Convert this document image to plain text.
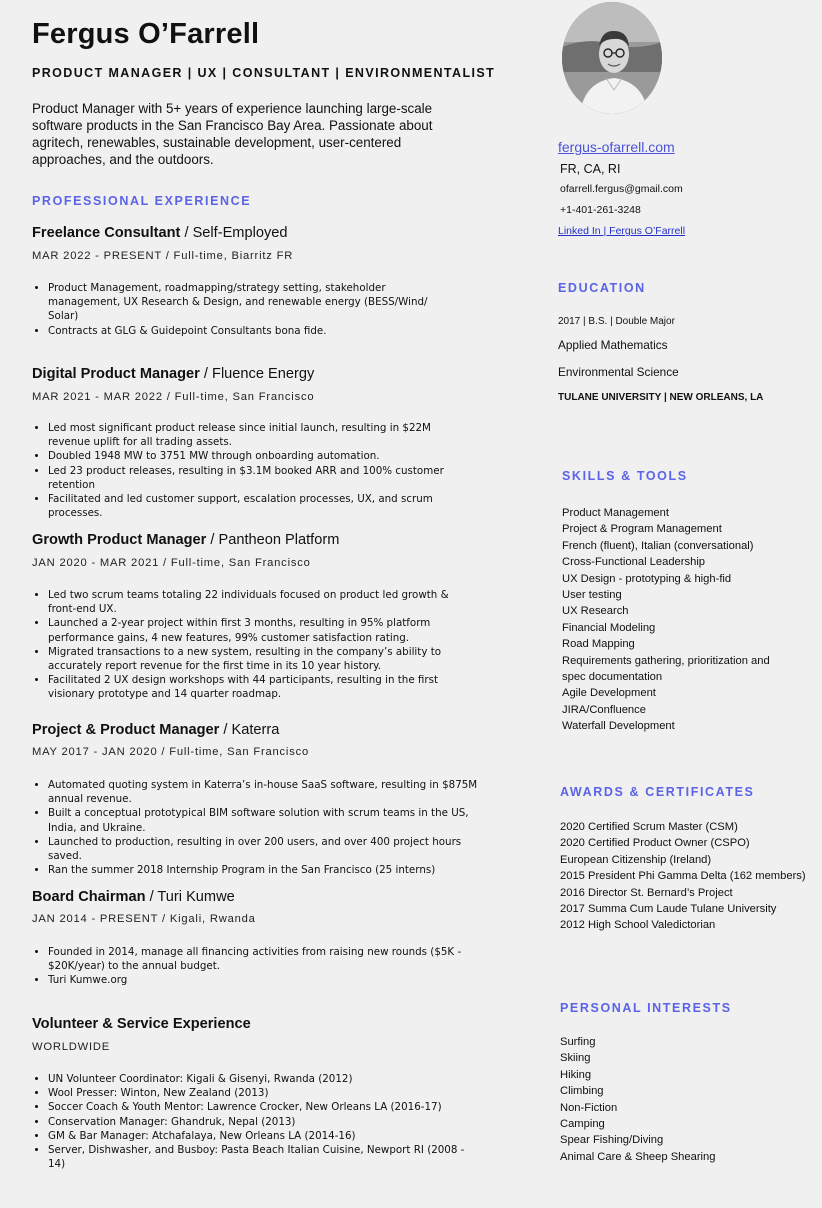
Fergus O’Farrell
PRODUCT MANAGER | UX | CONSULTANT | ENVIRONMENTALIST
Product Manager with 5+ years of experience launching large-scale software products in the San Francisco Bay Area. Passionate about agritech, renewables, sustainable development, user-centered approaches, and the outdoors.
PROFESSIONAL EXPERIENCE
Freelance Consultant / Self-Employed
MAR 2022 - PRESENT / Full-time, Biarritz FR
• Product Management, roadmapping/strategy setting, stakeholder management, UX Research & Design, and renewable energy (BESS/Wind/ Solar)
• Contracts at GLG & Guidepoint Consultants bona fide.
Digital Product Manager / Fluence Energy
MAR 2021 - MAR 2022 / Full-time, San Francisco
• Led most significant product release since initial launch, resulting in $22M revenue uplift for all trading assets.
• Doubled 1948 MW to 3751 MW through onboarding automation.
• Led 23 product releases, resulting in $3.1M booked ARR and 100% customer retention
• Facilitated and led customer support, escalation processes, UX, and scrum processes.
Growth Product Manager / Pantheon Platform
JAN 2020 - MAR 2021 / Full-time, San Francisco
• Led two scrum teams totaling 22 individuals focused on product led growth & front-end UX.
• Launched a 2-year project within first 3 months, resulting in 95% platform performance gains, 4 new features, 99% customer satisfaction rating.
• Migrated transactions to a new system, resulting in the company’s ability to accurately report revenue for the first time in its 10 year history.
• Facilitated 2 UX design workshops with 44 participants, resulting in the first visionary prototype and 14 quarter roadmap.
Project & Product Manager / Katerra
MAY 2017 - JAN 2020 / Full-time, San Francisco
• Automated quoting system in Katerra’s in-house SaaS software, resulting in $875M annual revenue.
• Built a conceptual prototypical BIM software solution with scrum teams in the US, India, and Ukraine.
• Launched to production, resulting in over 200 users, and over 400 project hours saved.
• Ran the summer 2018 Internship Program in the San Francisco (25 interns)
Board Chairman / Turi Kumwe
JAN 2014 - PRESENT / Kigali, Rwanda
• Founded in 2014, manage all financing activities from raising new rounds ($5K - $20K/year) to the annual budget.
• Turi Kumwe.org
Volunteer & Service Experience
WORLDWIDE
• UN Volunteer Coordinator: Kigali & Gisenyi, Rwanda (2012)
• Wool Presser: Winton, New Zealand (2013)
• Soccer Coach & Youth Mentor: Lawrence Crocker, New Orleans LA (2016-17)
• Conservation Manager: Ghandruk, Nepal (2013)
• GM & Bar Manager: Atchafalaya, New Orleans LA (2014-16)
• Server, Dishwasher, and Busboy: Pasta Beach Italian Cuisine, Newport RI (2008 - 14)
fergus-ofarrell.com
FR, CA, RI
ofarrell.fergus@gmail.com
+1-401-261-3248
Linked In | Fergus O’Farrell
EDUCATION
2017 | B.S. | Double Major
Applied Mathematics
Environmental Science
TULANE UNIVERSITY | NEW ORLEANS, LA
SKILLS & TOOLS
Product Management
Project & Program Management
French (fluent), Italian (conversational)
Cross-Functional Leadership
UX Design - prototyping & high-fid
User testing
UX Research
Financial Modeling
Road Mapping
Requirements gathering, prioritization and spec documentation
Agile Development
JIRA/Confluence
Waterfall Development
AWARDS & CERTIFICATES
2020 Certified Scrum Master (CSM)
2020 Certified Product Owner (CSPO)
European Citizenship (Ireland)
2015 President Phi Gamma Delta (162 members)
2016 Director St. Bernard’s Project
2017 Summa Cum Laude Tulane University
2012 High School Valedictorian
PERSONAL INTERESTS
Surfing
Skiing
Hiking
Climbing
Non-Fiction
Camping
Spear Fishing/Diving
Animal Care & Sheep Shearing
